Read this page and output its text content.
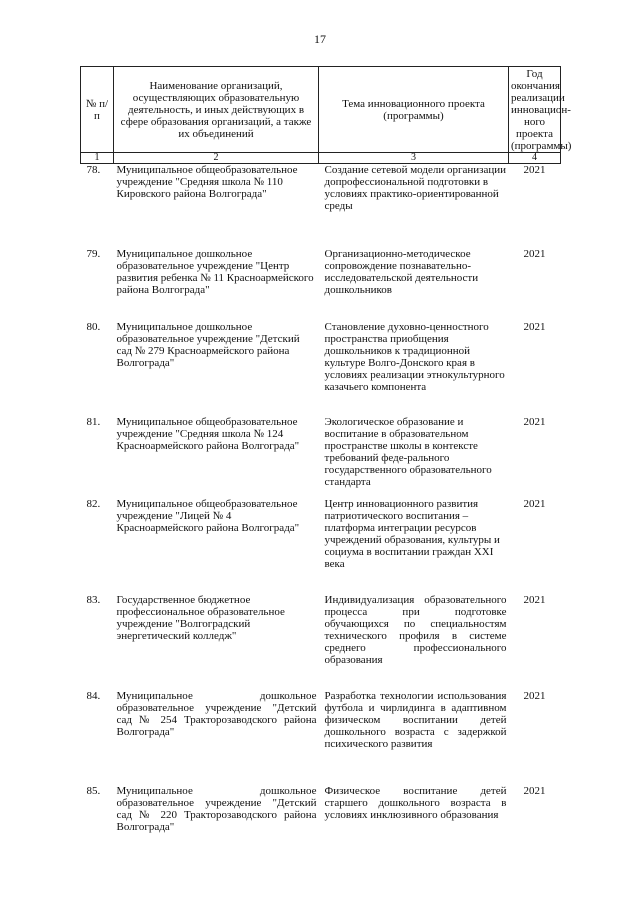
17
№ п/п	Наименование организаций, осуществляющих образовательную деятельность, и иных действующих в сфере образования организаций, а также их объединений	Тема инновационного проекта (программы)	Год окончания реализации инновацион-ного проекта (программы)
1	2	3	4
78.	Муниципальное общеобразовательное учреждение "Средняя школа № 110 Кировского района Волгограда"	Создание сетевой модели организации допрофессиональной подготовки в условиях практико-ориентированной среды	2021
79.	Муниципальное дошкольное образовательное учреждение "Центр развития ребенка № 11 Красноармейского района Волгограда"	Организационно-методическое сопровождение познавательно-исследовательской деятельности дошкольников	2021
80.	Муниципальное дошкольное образовательное учреждение "Детский сад № 279 Красноармейского района Волгограда"	Становление духовно-ценностного пространства приобщения дошкольников к традиционной культуре Волго-Донского края в условиях реализации этнокультурного казачьего компонента	2021
81.	Муниципальное общеобразовательное учреждение "Средняя школа № 124 Красноармейского района Волгограда"	Экологическое образование и воспитание в образовательном пространстве школы в контексте требований феде-рального государственного образовательного стандарта	2021
82.	Муниципальное общеобразовательное учреждение "Лицей № 4 Красноармейского района Волгограда"	Центр инновационного развития патриотического воспитания – платформа интеграции ресурсов учреждений образования, культуры и социума в воспитании граждан XXI века	2021
83.	Государственное бюджетное профессиональное образовательное учреждение "Волгоградский энергетический колледж"	Индивидуализация образовательного процесса при подготовке обучающихся по специальностям технического профиля в системе среднего профессионального образования	2021
84.	Муниципальное дошкольное образовательное учреждение "Детский сад № 254 Тракторозаводского района Волгограда"	Разработка технологии использования футбола и чирлидинга в адаптивном физическом воспитании детей дошкольного возраста с задержкой психического развития	2021
85.	Муниципальное дошкольное образовательное учреждение "Детский сад № 220 Тракторозаводского района Волгограда"	Физическое воспитание детей старшего дошкольного возраста в условиях инклюзивного образования	2021
